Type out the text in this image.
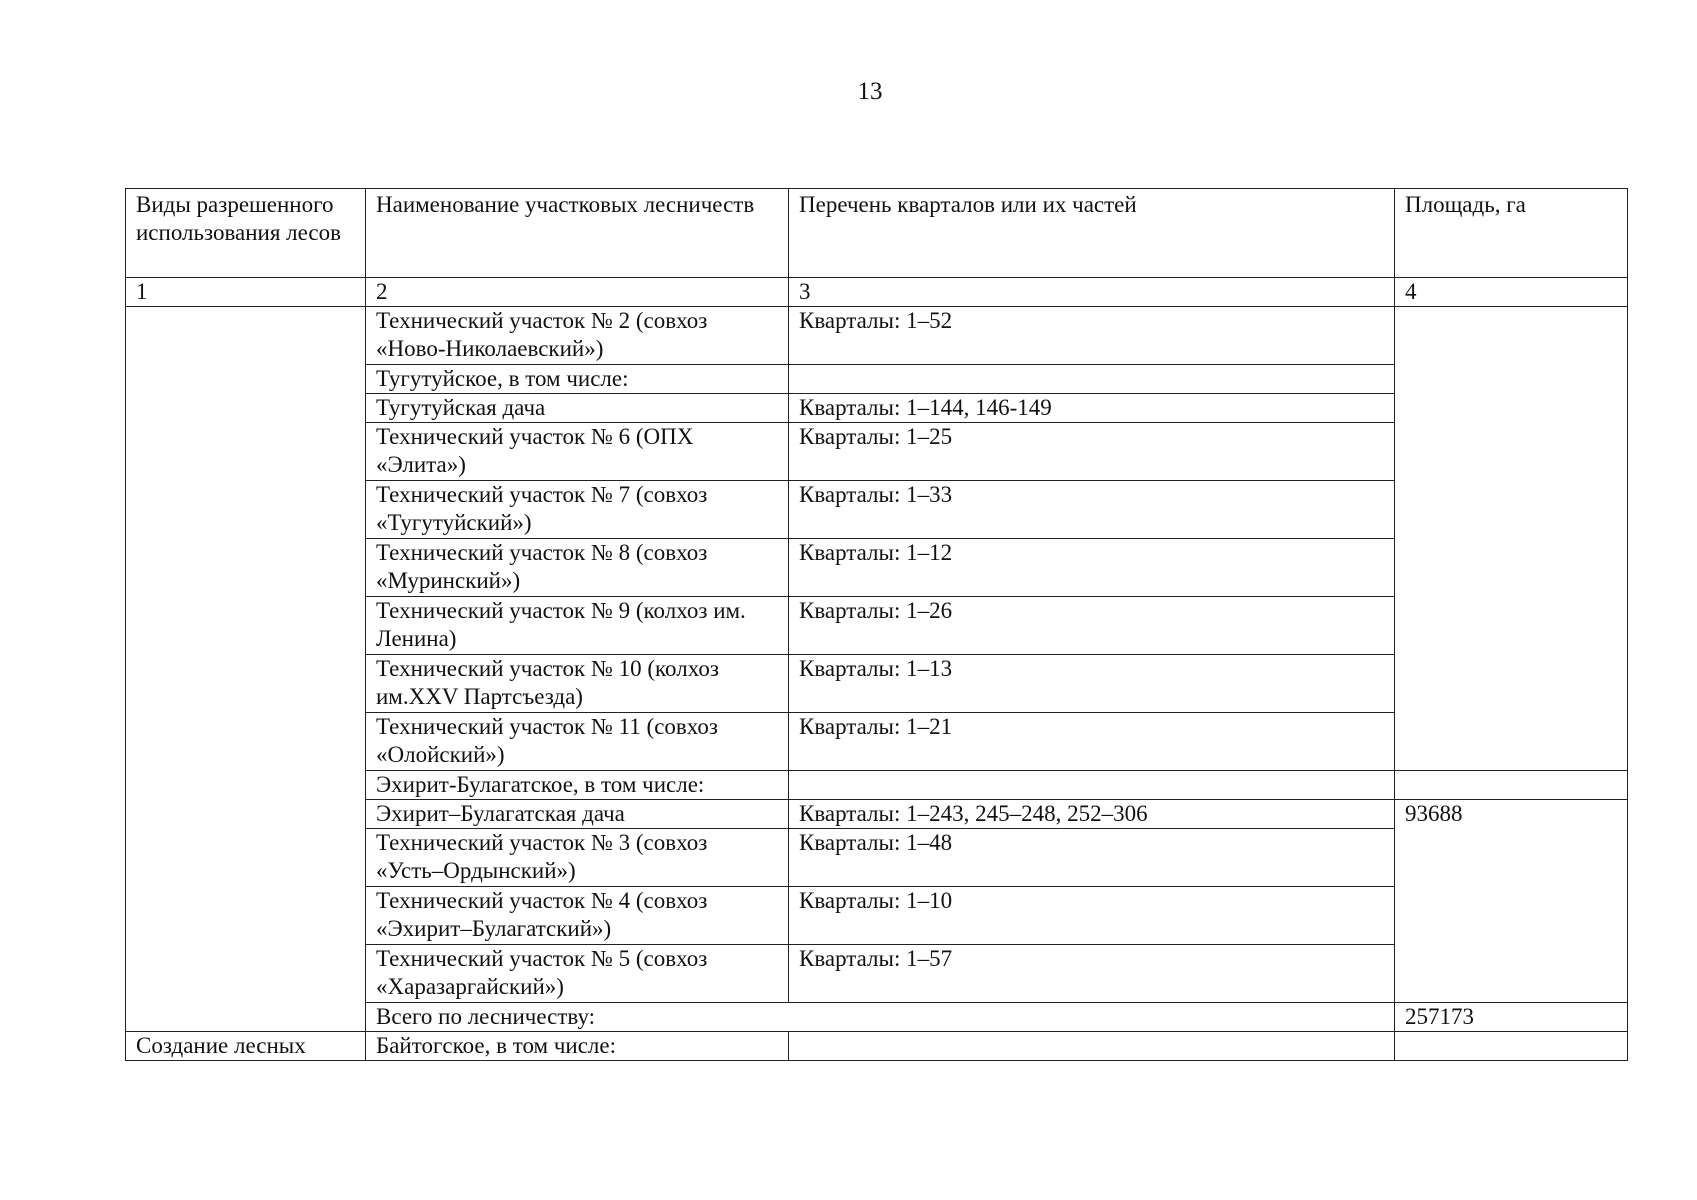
13
Виды разрешенного использования лесов	Наименование участковых лесничеств	Перечень кварталов или их частей	Площадь, га
1	2	3	4
	Технический участок № 2 (совхоз «Ново-Николаевский»)	Кварталы: 1–52	
	Тугутуйское, в том числе:		
	Тугутуйская дача	Кварталы: 1–144, 146-149	
	Технический участок № 6 (ОПХ «Элита»)	Кварталы: 1–25	
	Технический участок № 7 (совхоз «Тугутуйский»)	Кварталы: 1–33	
	Технический участок № 8 (совхоз «Муринский»)	Кварталы: 1–12	
	Технический участок № 9 (колхоз им. Ленина)	Кварталы: 1–26	
	Технический участок № 10 (колхоз им.XXV Партсъезда)	Кварталы: 1–13	
	Технический участок № 11 (совхоз «Олойский»)	Кварталы: 1–21	
	Эхирит-Булагатское, в том числе:		
	Эхирит–Булагатская дача	Кварталы: 1–243, 245–248, 252–306	93688
	Технический участок № 3 (совхоз «Усть–Ордынский»)	Кварталы: 1–48	
	Технический участок № 4 (совхоз «Эхирит–Булагатский»)	Кварталы: 1–10	
	Технический участок № 5 (совхоз «Харазаргайский»)	Кварталы: 1–57	
	Всего по лесничеству:		257173
Создание лесных	Байтогское, в том числе:		
